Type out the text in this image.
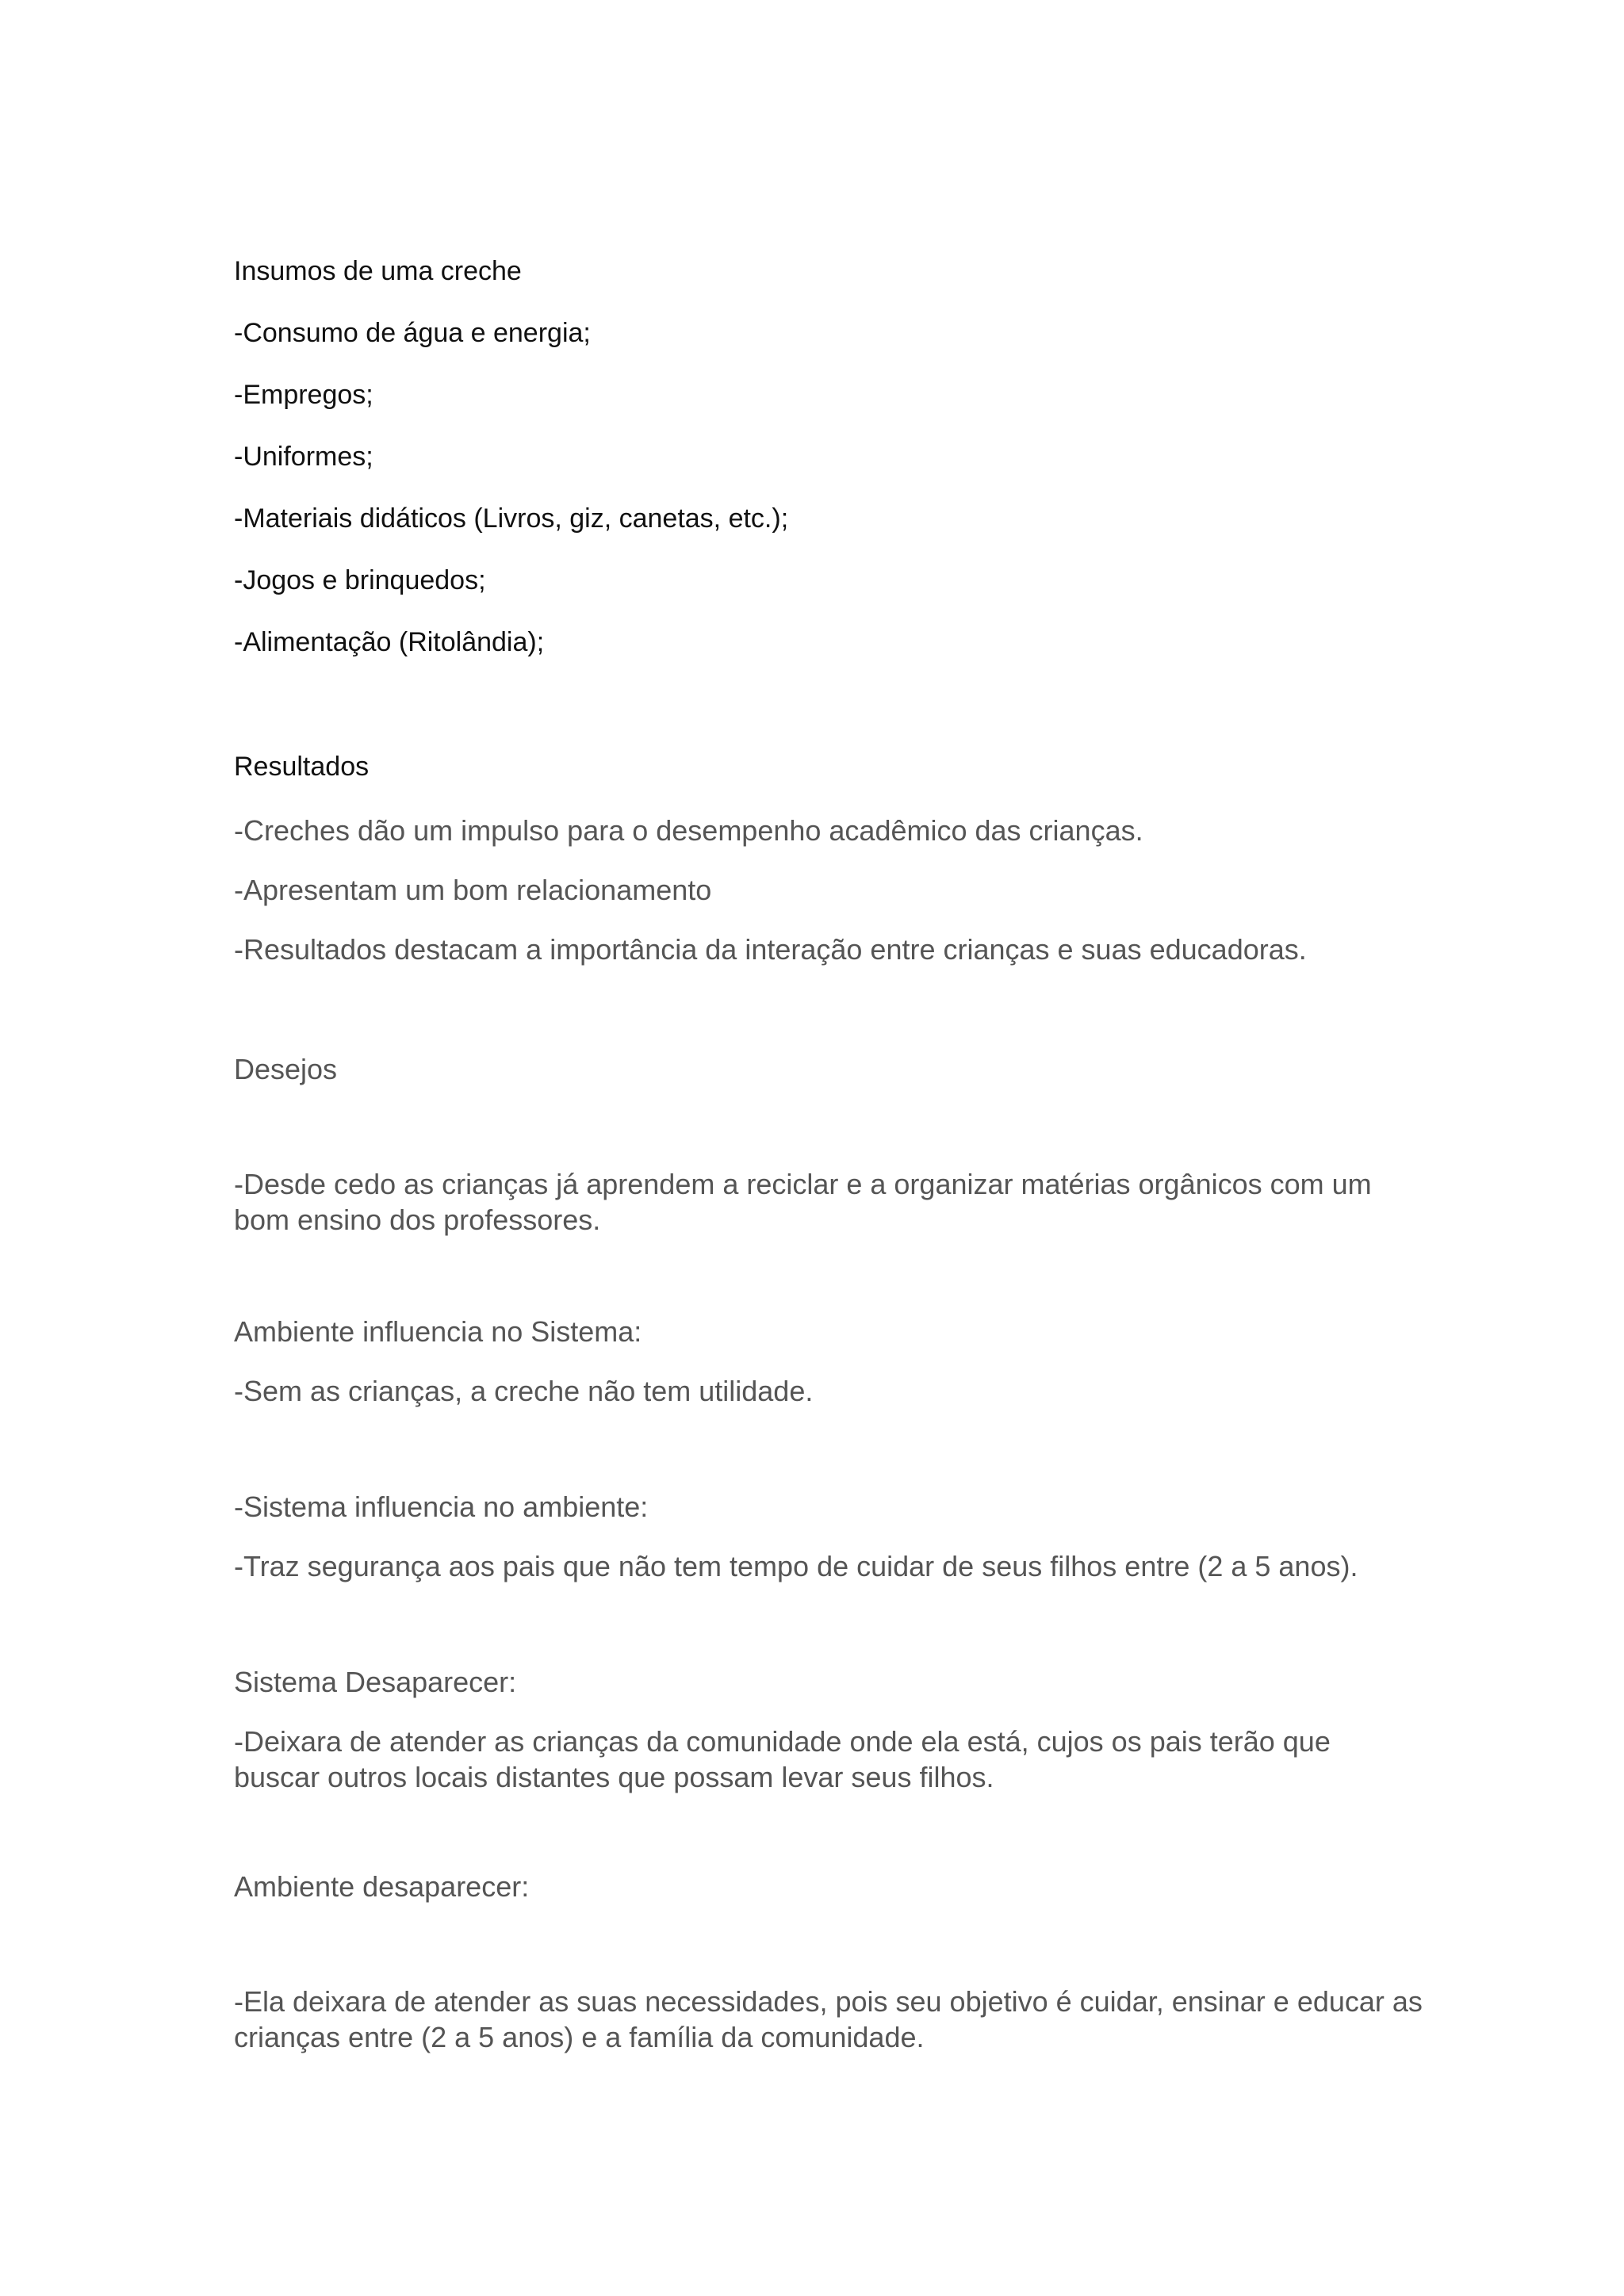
Insumos de uma creche

-Consumo de água e energia;

-Empregos;

-Uniformes;

-Materiais didáticos (Livros, giz, canetas, etc.);

-Jogos e brinquedos;

-Alimentação (Ritolândia);

Resultados

-Creches dão um impulso para o desempenho acadêmico das crianças.

-Apresentam um bom relacionamento

-Resultados destacam a importância da interação entre crianças e suas educadoras.

Desejos

-Desde cedo as crianças já aprendem a reciclar e a organizar matérias orgânicos com um bom ensino dos professores.

Ambiente influencia no Sistema:

-Sem as crianças, a creche não tem utilidade.

-Sistema influencia no ambiente:

-Traz segurança aos pais que não tem tempo de cuidar de seus filhos entre (2 a 5 anos).

Sistema Desaparecer:

-Deixara de atender as crianças da comunidade onde ela está, cujos os pais terão que buscar outros locais distantes que possam levar seus filhos.

Ambiente desaparecer:

-Ela deixara de atender as suas necessidades, pois seu objetivo é cuidar, ensinar e educar as crianças entre (2 a 5 anos) e a família da comunidade.
